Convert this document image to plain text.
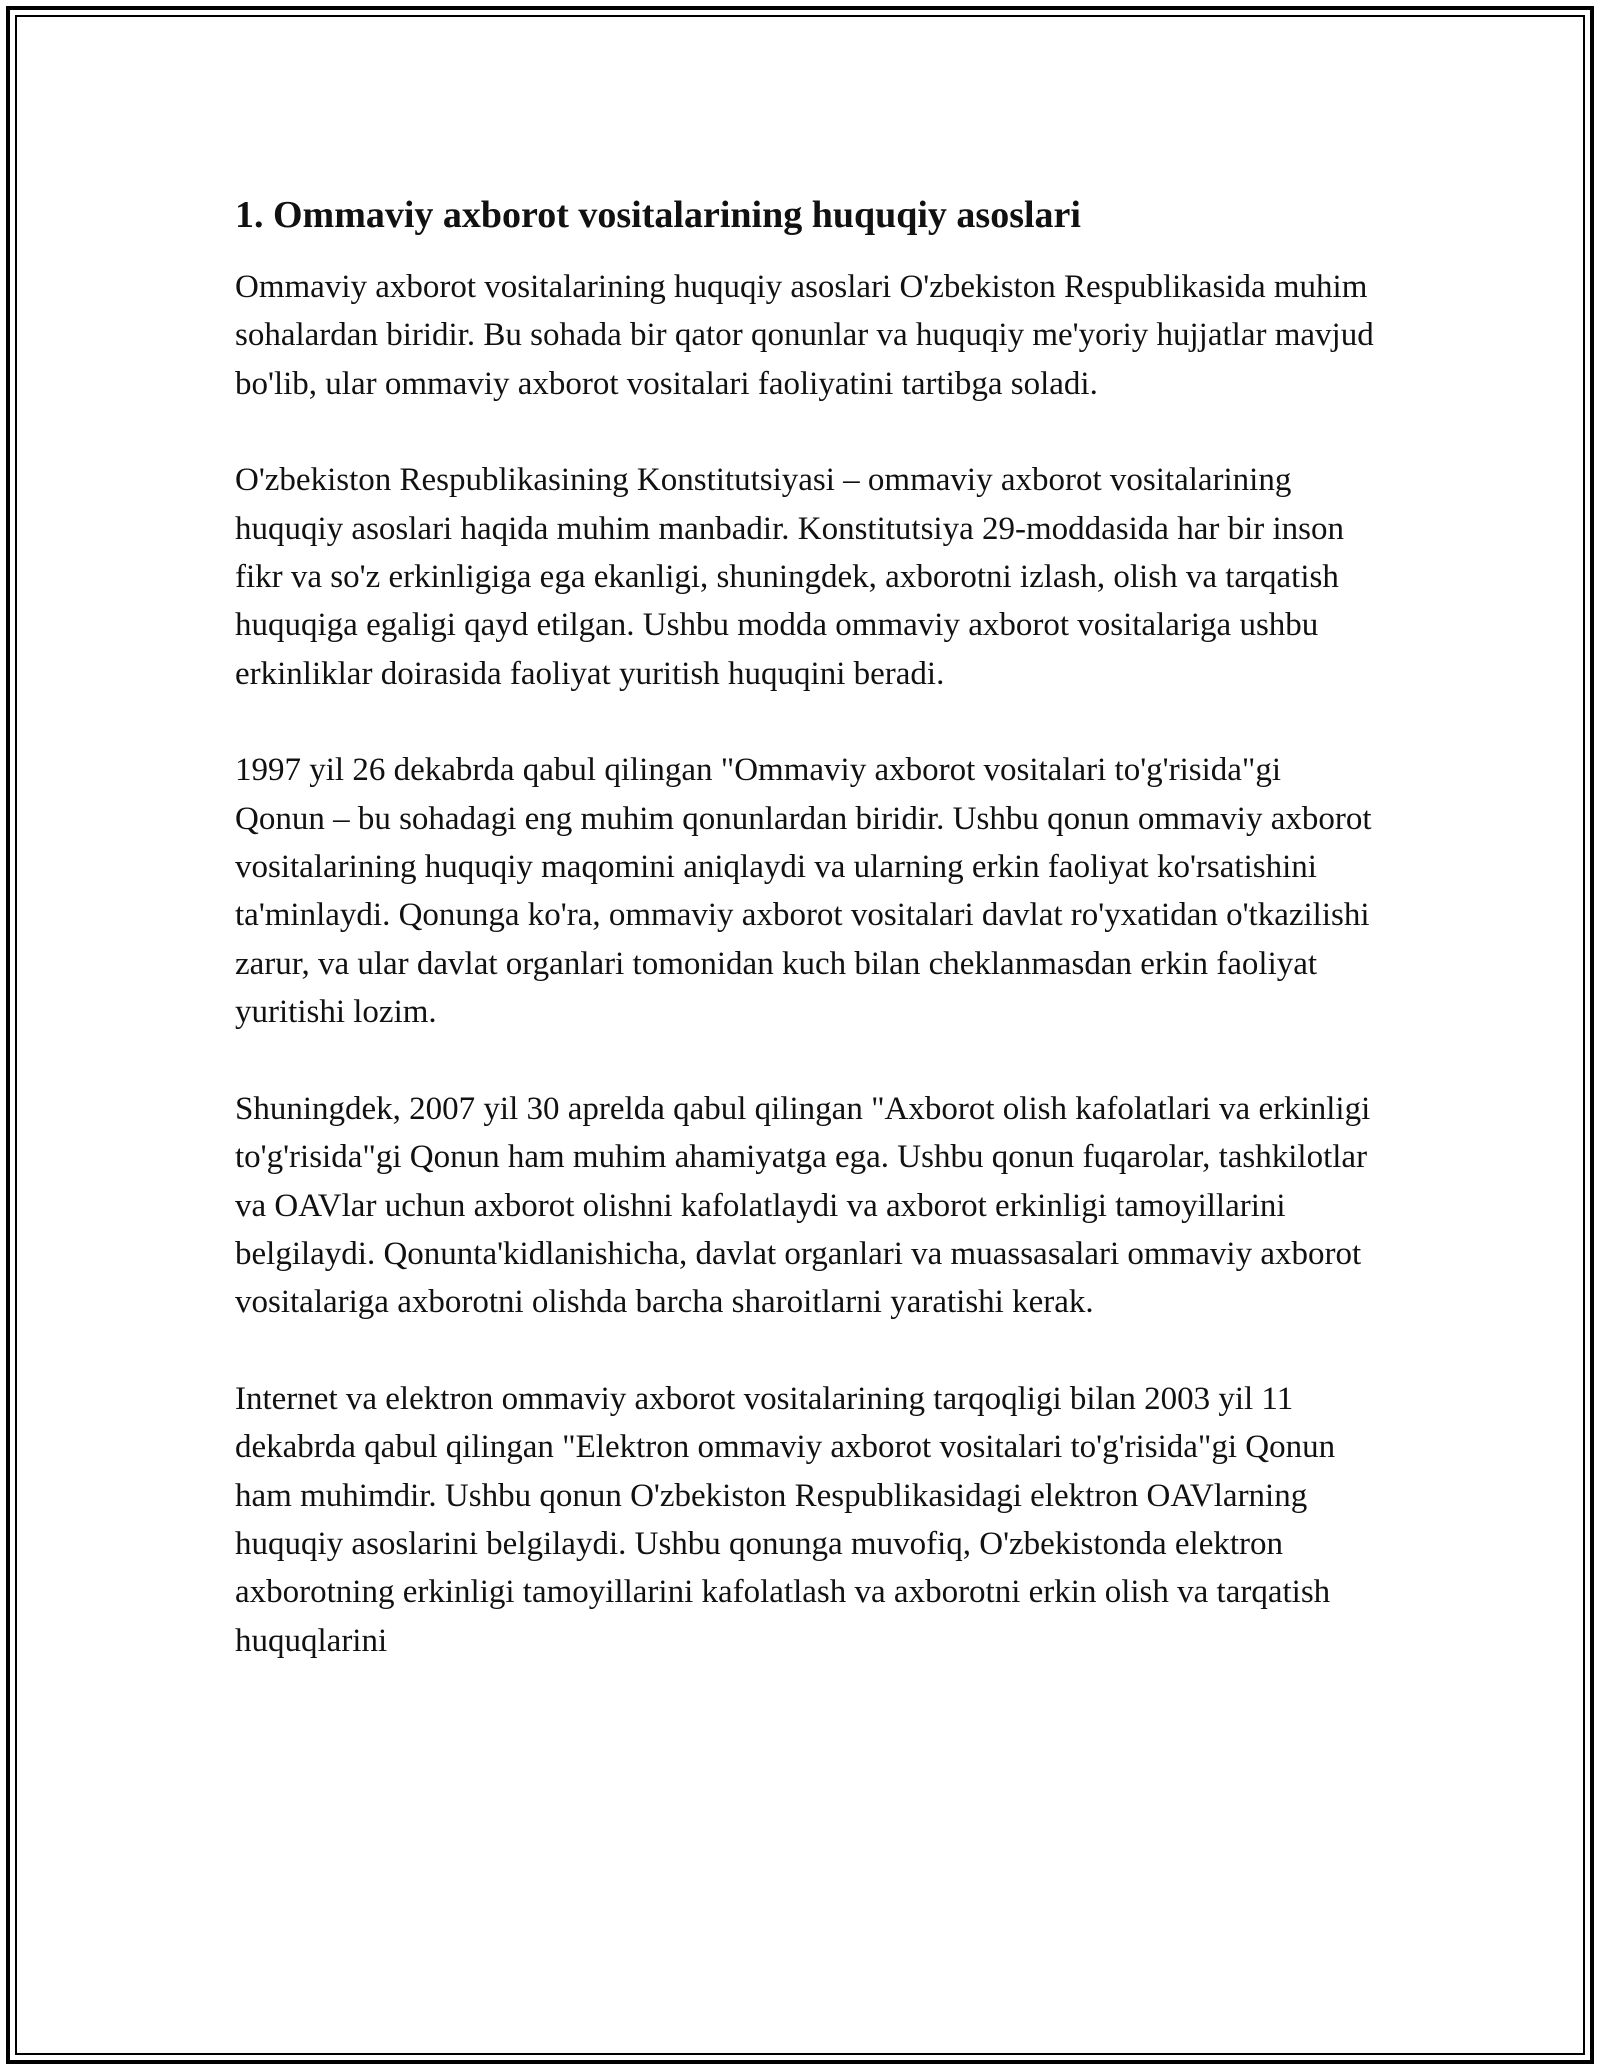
1. Ommaviy axborot vositalarining huquqiy asoslari

Ommaviy axborot vositalarining huquqiy asoslari O'zbekiston Respublikasida muhim sohalardan biridir. Bu sohada bir qator qonunlar va huquqiy me'yoriy hujjatlar mavjud bo'lib, ular ommaviy axborot vositalari faoliyatini tartibga soladi.

O'zbekiston Respublikasining Konstitutsiyasi – ommaviy axborot vositalarining huquqiy asoslari haqida muhim manbadir. Konstitutsiya 29-moddasida har bir inson fikr va so'z erkinligiga ega ekanligi, shuningdek, axborotni izlash, olish va tarqatish huquqiga egaligi qayd etilgan. Ushbu modda ommaviy axborot vositalariga ushbu erkinliklar doirasida faoliyat yuritish huquqini beradi.

1997 yil 26 dekabrda qabul qilingan "Ommaviy axborot vositalari to'g'risida"gi Qonun – bu sohadagi eng muhim qonunlardan biridir. Ushbu qonun ommaviy axborot vositalarining huquqiy maqomini aniqlaydi va ularning erkin faoliyat ko'rsatishini ta'minlaydi. Qonunga ko'ra, ommaviy axborot vositalari davlat ro'yxatidan o'tkazilishi zarur, va ular davlat organlari tomonidan kuch bilan cheklanmasdan erkin faoliyat yuritishi lozim.

Shuningdek, 2007 yil 30 aprelda qabul qilingan "Axborot olish kafolatlari va erkinligi to'g'risida"gi Qonun ham muhim ahamiyatga ega. Ushbu qonun fuqarolar, tashkilotlar va OAVlar uchun axborot olishni kafolatlaydi va axborot erkinligi tamoyillarini belgilaydi. Qonunta'kidlanishicha, davlat organlari va muassasalari ommaviy axborot vositalariga axborotni olishda barcha sharoitlarni yaratishi kerak.

Internet va elektron ommaviy axborot vositalarining tarqoqligi bilan 2003 yil 11 dekabrda qabul qilingan "Elektron ommaviy axborot vositalari to'g'risida"gi Qonun ham muhimdir. Ushbu qonun O'zbekiston Respublikasidagi elektron OAVlarning huquqiy asoslarini belgilaydi. Ushbu qonunga muvofiq, O'zbekistonda elektron axborotning erkinligi tamoyillarini kafolatlash va axborotni erkin olish va tarqatish huquqlarini
